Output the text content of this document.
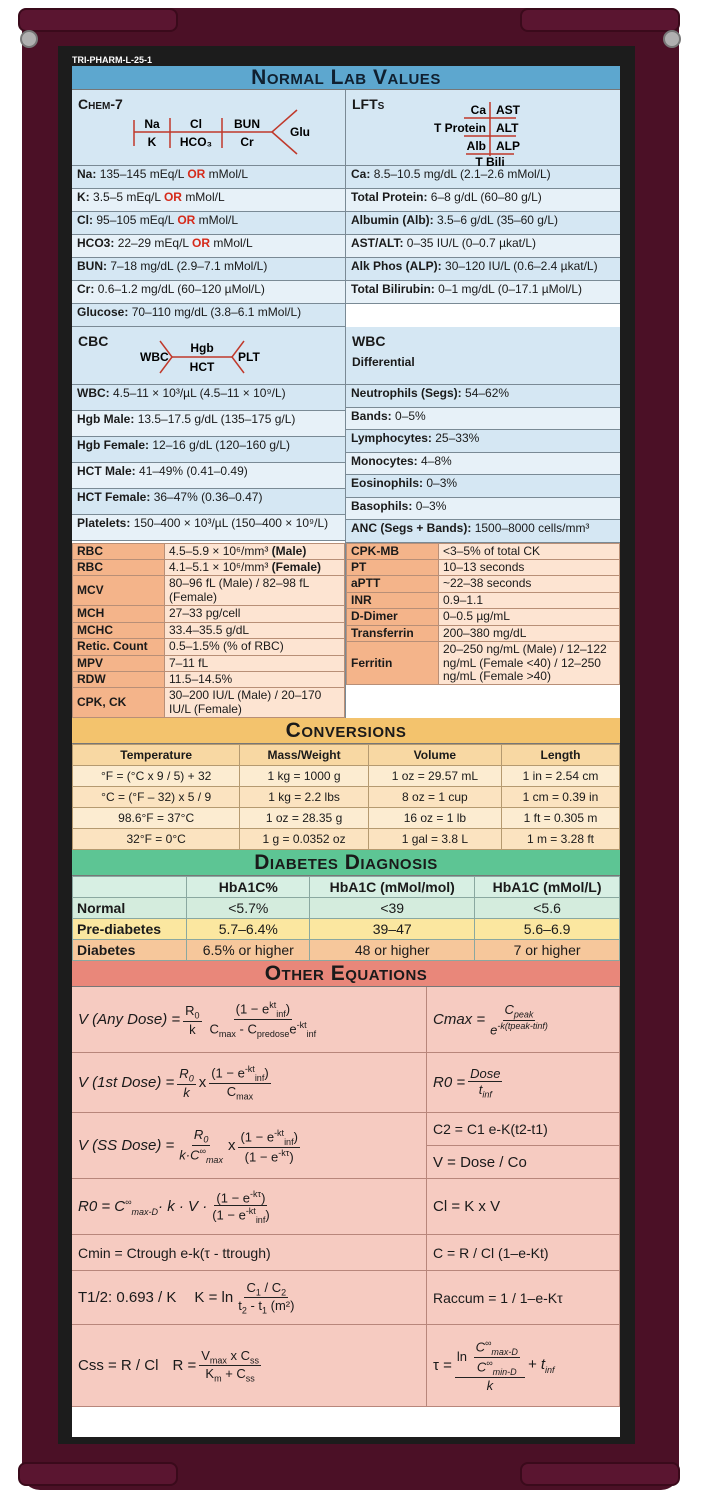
TRI-PHARM-L-25-1
Normal Lab Values
Chem-7
Na
K
Cl
HCO₃
BUN
Cr
Glu
Na: 135–145 mEq/L OR mMol/L
K: 3.5–5 mEq/L OR mMol/L
Cl: 95–105 mEq/L OR mMol/L
HCO3: 22–29 mEq/L OR mMol/L
BUN: 7–18 mg/dL (2.9–7.1 mMol/L)
Cr: 0.6–1.2 mg/dL (60–120 µMol/L)
Glucose: 70–110 mg/dL (3.8–6.1 mMol/L)
LFTs	Ca AST
T Protein ALT
Alb ALP
T Bili
Ca: 8.5–10.5 mg/dL (2.1–2.6 mMol/L)
Total Protein: 6–8 g/dL (60–80 g/L)
Albumin (Alb): 3.5–6 g/dL (35–60 g/L)
AST/ALT: 0–35 IU/L (0–0.7 µkat/L)
Alk Phos (ALP): 30–120 IU/L (0.6–2.4 µkat/L)
Total Bilirubin: 0–1 mg/dL (0–17.1 µMol/L)
CBC
WBC
Hgb
HCT
PLT
WBC: 4.5–11 × 10³/µL (4.5–11 × 10⁹/L)
Hgb Male: 13.5–17.5 g/dL (135–175 g/L)
Hgb Female: 12–16 g/dL (120–160 g/L)
HCT Male: 41–49% (0.41–0.49)
HCT Female: 36–47% (0.36–0.47)
Platelets: 150–400 × 10³/µL (150–400 × 10⁹/L)
WBC
Differential
Neutrophils (Segs): 54–62%
Bands: 0–5%
Lymphocytes: 25–33%
Monocytes: 4–8%
Eosinophils: 0–3%
Basophils: 0–3%
ANC (Segs + Bands): 1500–8000 cells/mm³
RBC	4.5–5.9 × 10⁶/mm³ (Male)
RBC	4.1–5.1 × 10⁶/mm³ (Female)
MCV	80–96 fL (Male) / 82–98 fL (Female)
MCH	27–33 pg/cell
MCHC	33.4–35.5 g/dL
Retic. Count	0.5–1.5% (% of RBC)
MPV	7–11 fL
RDW	11.5–14.5%
CPK, CK	30–200 IU/L (Male) / 20–170 IU/L (Female)
CPK-MB	<3–5% of total CK
PT	10–13 seconds
aPTT	~22–38 seconds
INR	0.9–1.1
D-Dimer	0–0.5 µg/mL
Transferrin	200–380 mg/dL
Ferritin	20–250 ng/mL (Male) / 12–122 ng/mL (Female <40) / 12–250 ng/mL (Female >40)
Conversions
Temperature	Mass/Weight	Volume	Length
°F = (°C x 9 / 5) + 32	1 kg = 1000 g	1 oz = 29.57 mL	1 in = 2.54 cm
°C = (°F – 32) x 5 / 9	1 kg = 2.2 lbs	8 oz = 1 cup	1 cm = 0.39 in
98.6°F = 37°C	1 oz = 28.35 g	16 oz = 1 lb	1 ft = 0.305 m
32°F = 0°C	1 g = 0.0352 oz	1 gal = 3.8 L	1 m = 3.28 ft
Diabetes Diagnosis
	HbA1C%	HbA1C (mMol/mol)	HbA1C (mMol/L)
Normal	<5.7%	<39	<5.6
Pre-diabetes	5.7–6.4%	39–47	5.6–6.9
Diabetes	6.5% or higher	48 or higher	7 or higher
Other Equations
V (Any Dose) = $\frac{R_0}{k} \frac{(1 - e^{kt}_{inf})}{C_{max} - C_{predose}e^{-kt}_{inf}}$	$Cmax = \frac{C_{peak}}{e^{-k(tpeak-tinf)}}$
V (1st Dose) = $\frac{R_0}{k}$ x $\frac{(1 - e^{-kt}_{inf})}{C_{max}}$	$R0 = \frac{\text{Dose}}{t_{inf}}$
V (SS Dose) = $\frac{R_0}{k\cdot C^\infty_{max}}$ x $\frac{(1 - e^{-kt}_{inf})}{(1 - e^{-k\tau})}$	C2 = C1 e-K(t2-t1)
V = Dose / Co
$R0 = C^\infty_{max-D}\cdot k \cdot V \cdot \frac{(1 - e^{-k\tau})}{(1 - e^{-kt}_{inf})}$	Cl = K x V
Cmin = Ctrough e-k(τ - ttrough)	C = R / Cl (1–e-Kt)
T1/2: 0.693 / K $K = \ln \frac{C_1 / C_2}{t_2 - t_1 (m^2)}$	Raccum = 1 / 1–e-Kτ
Css = R / Cl $R = \frac{V_{max} x C_{ss}}{K_m + C_{ss}}$	$\tau = \frac{\ln \frac{C^\infty_{max-D}}{C^\infty_{min-D}}}{k} + t_{inf}$
